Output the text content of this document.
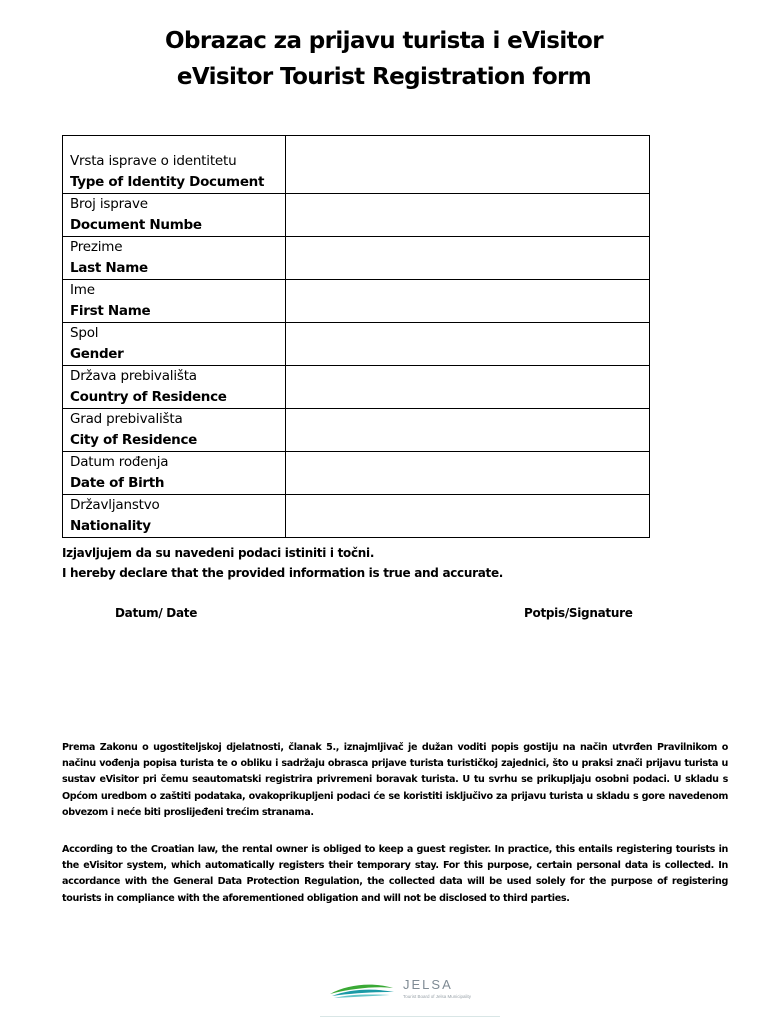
Obrazac za prijavu turista i eVisitor
eVisitor Tourist Registration form
Vrsta isprave o identitetu
Type of Identity Document	

Broj isprave
Document Numbe	

Prezime
Last Name	

Ime
First Name	

Spol
Gender	

Država prebivališta
Country of Residence	

Grad prebivališta
City of Residence	

Datum rođenja
Date of Birth	

Državljanstvo
Nationality	

Izjavljujem da su navedeni podaci istiniti i točni.
I hereby declare that the provided information is true and accurate.
Datum/ Date	Potpis/Signature
Prema Zakonu o ugostiteljskoj djelatnosti, članak 5., iznajmljivač je dužan voditi popis gostiju na način utvrđen Pravilnikom o načinu vođenja popisa turista te o obliku i sadržaju obrasca prijave turista turističkoj zajednici, što u praksi znači prijavu turista u sustav eVisitor pri čemu seautomatski registrira privremeni boravak turista. U tu svrhu se prikupljaju osobni podaci. U skladu s Općom uredbom o zaštiti podataka, ovakoprikupljeni podaci će se koristiti isključivo za prijavu turista u skladu s gore navedenom obvezom i neće biti proslijeđeni trećim stranama.
According to the Croatian law, the rental owner is obliged to keep a guest register. In practice, this entails registering tourists in the eVisitor system, which automatically registers their temporary stay. For this purpose, certain personal data is collected. In accordance with the General Data Protection Regulation, the collected data will be used solely for the purpose of registering tourists in compliance with the aforementioned obligation and will not be disclosed to third parties.
JELSA
Tourist Board of Jelsa Municipality
